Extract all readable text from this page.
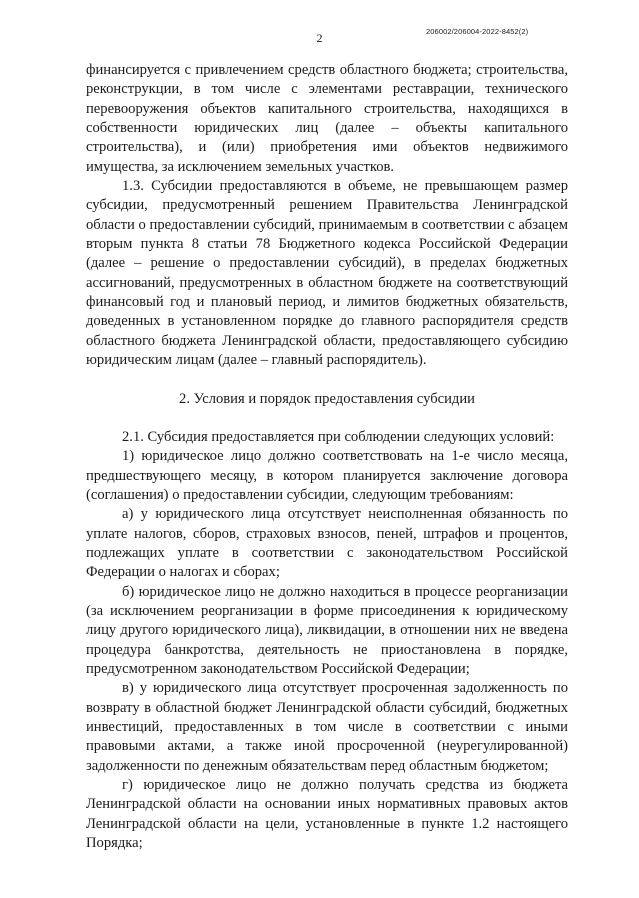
2	206002/206004-2022-8452(2)

финансируется с привлечением средств областного бюджета; строительства, реконструкции, в том числе с элементами реставрации, технического перевооружения объектов капитального строительства, находящихся в собственности юридических лиц (далее – объекты капитального строительства), и (или) приобретения ими объектов недвижимого имущества, за исключением земельных участков.

1.3. Субсидии предоставляются в объеме, не превышающем размер субсидии, предусмотренный решением Правительства Ленинградской области о предоставлении субсидий, принимаемым в соответствии с абзацем вторым пункта 8 статьи 78 Бюджетного кодекса Российской Федерации (далее – решение о предоставлении субсидий), в пределах бюджетных ассигнований, предусмотренных в областном бюджете на соответствующий финансовый год и плановый период, и лимитов бюджетных обязательств, доведенных в установленном порядке до главного распорядителя средств областного бюджета Ленинградской области, предоставляющего субсидию юридическим лицам (далее – главный распорядитель).

2. Условия и порядок предоставления субсидии

2.1. Субсидия предоставляется при соблюдении следующих условий:

1) юридическое лицо должно соответствовать на 1-е число месяца, предшествующего месяцу, в котором планируется заключение договора (соглашения) о предоставлении субсидии, следующим требованиям:

а) у юридического лица отсутствует неисполненная обязанность по уплате налогов, сборов, страховых взносов, пеней, штрафов и процентов, подлежащих уплате в соответствии с законодательством Российской Федерации о налогах и сборах;

б) юридическое лицо не должно находиться в процессе реорганизации (за исключением реорганизации в форме присоединения к юридическому лицу другого юридического лица), ликвидации, в отношении них не введена процедура банкротства, деятельность не приостановлена в порядке, предусмотренном законодательством Российской Федерации;

в) у юридического лица отсутствует просроченная задолженность по возврату в областной бюджет Ленинградской области субсидий, бюджетных инвестиций, предоставленных в том числе в соответствии с иными правовыми актами, а также иной просроченной (неурегулированной) задолженности по денежным обязательствам перед областным бюджетом;

г) юридическое лицо не должно получать средства из бюджета Ленинградской области на основании иных нормативных правовых актов Ленинградской области на цели, установленные в пункте 1.2 настоящего Порядка;
